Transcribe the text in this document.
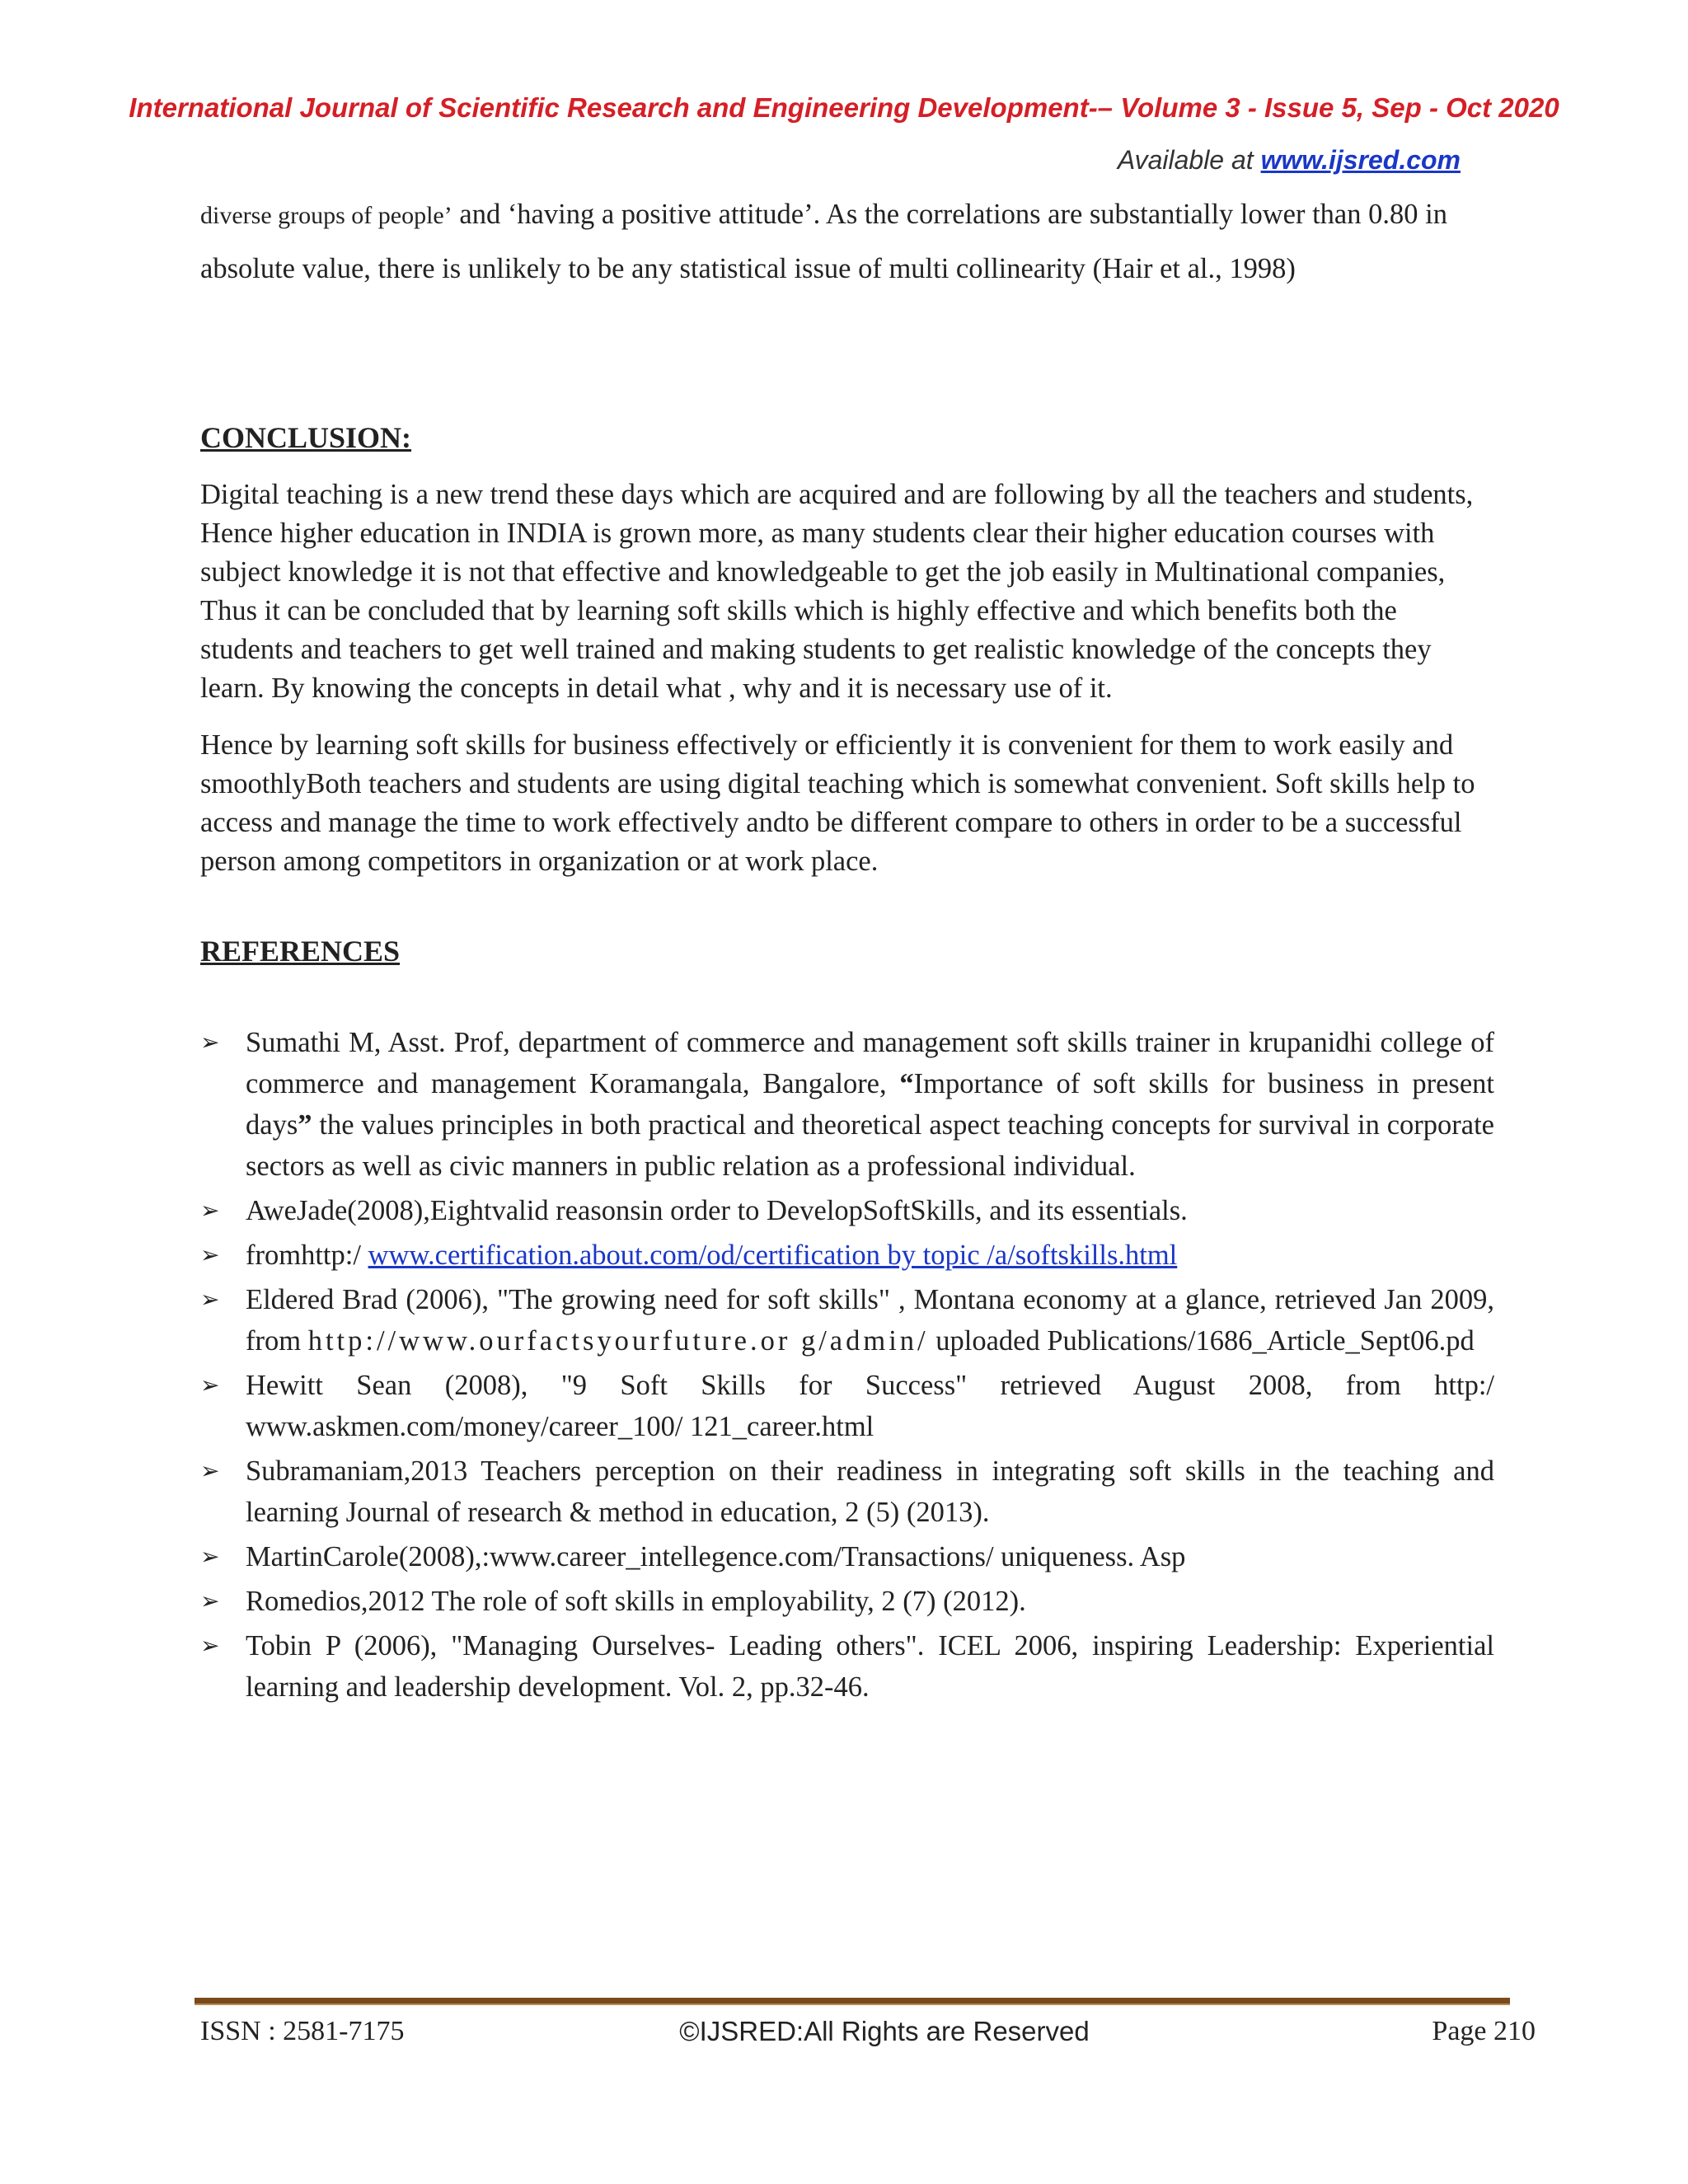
International Journal of Scientific Research and Engineering Development-– Volume 3 - Issue 5, Sep - Oct 2020
Available at www.ijsred.com

diverse groups of people’ and ‘having a positive attitude’. As the correlations are substantially lower than 0.80 in absolute value, there is unlikely to be any statistical issue of multi collinearity (Hair et al., 1998)

CONCLUSION:

Digital teaching is a new trend these days which are acquired and are following by all the teachers and students, Hence higher education in INDIA is grown more, as many students clear their higher education courses with subject knowledge it is not that effective and knowledgeable to get the job easily in Multinational companies, Thus it can be concluded that by learning soft skills which is highly effective and which benefits both the students and teachers to get well trained and making students to get realistic knowledge of the concepts they learn. By knowing the concepts in detail what , why and it is necessary use of it.

Hence by learning soft skills for business effectively or efficiently it is convenient for them to work easily and smoothlyBoth teachers and students are using digital teaching which is somewhat convenient. Soft skills help to access and manage the time to work effectively andto be different compare to others in order to be a successful person among competitors in organization or at work place.

REFERENCES
➢ Sumathi M, Asst. Prof, department of commerce and management soft skills trainer in krupanidhi college of commerce and management Koramangala, Bangalore, “Importance of soft skills for business in present days” the values principles in both practical and theoretical aspect teaching concepts for survival in corporate sectors as well as civic manners in public relation as a professional individual.
➢ AweJade(2008),Eightvalid reasonsin order to DevelopSoftSkills, and its essentials.
➢ fromhttp:/ www.certification.about.com/od/certification by topic /a/softskills.html
➢ Eldered Brad (2006), "The growing need for soft skills" , Montana economy at a glance, retrieved Jan 2009, from http://www.ourfactsyourfuture.or g/admin/ uploaded Publications/1686_Article_Sept06.pd
➢ Hewitt Sean (2008), "9 Soft Skills for Success" retrieved August 2008, from http:/ www.askmen.com/money/career_100/ 121_career.html
➢ Subramaniam,2013 Teachers perception on their readiness in integrating soft skills in the teaching and learning Journal of research & method in education, 2 (5) (2013).
➢ MartinCarole(2008),:www.career_intellegence.com/Transactions/ uniqueness. Asp
➢ Romedios,2012 The role of soft skills in employability, 2 (7) (2012).
➢ Tobin P (2006), "Managing Ourselves- Leading others". ICEL 2006, inspiring Leadership: Experiential learning and leadership development. Vol. 2, pp.32-46.
ISSN : 2581-7175	©IJSRED:All Rights are Reserved	Page 210
